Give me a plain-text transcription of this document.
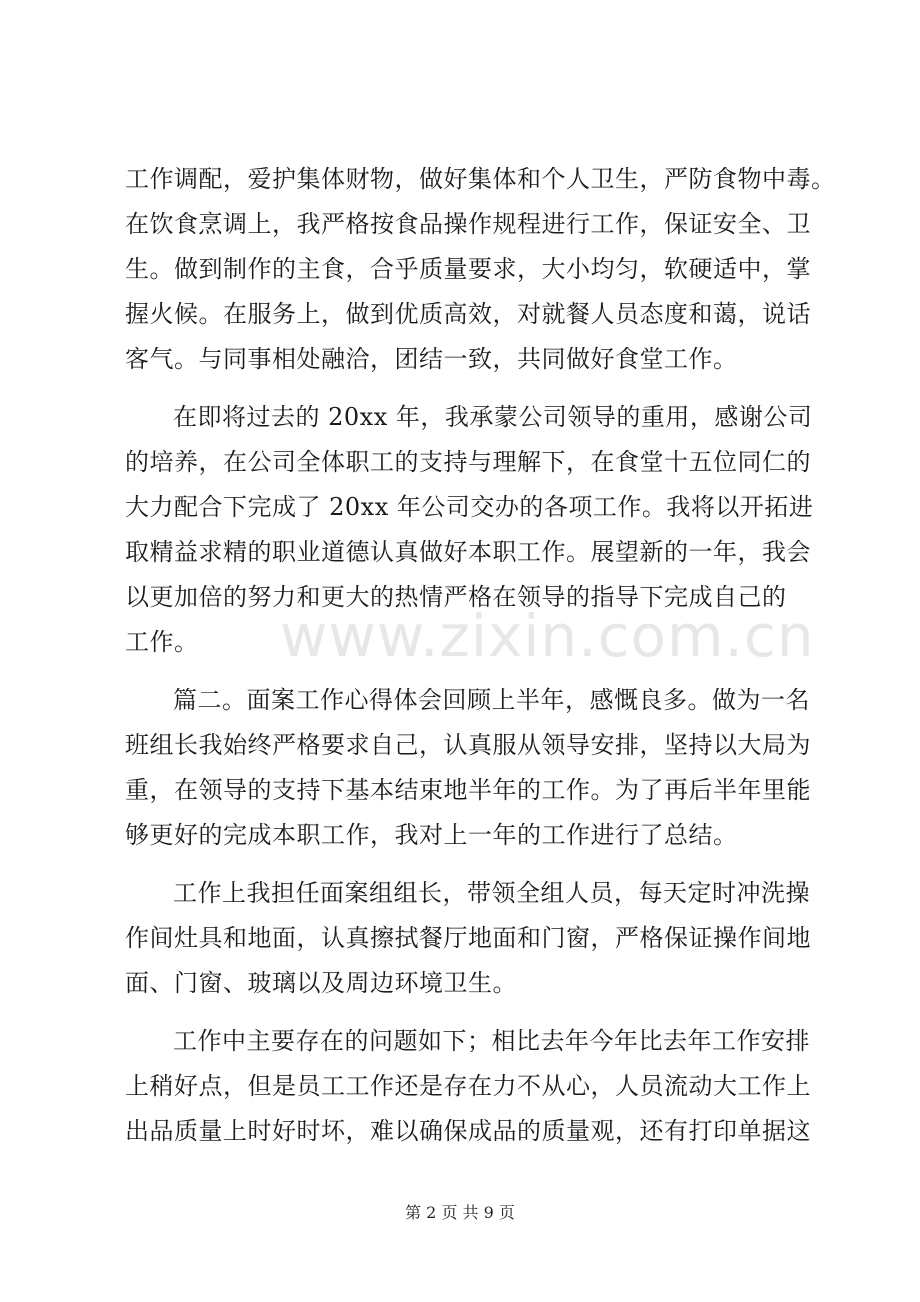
工作调配，爱护集体财物，做好集体和个人卫生，严防食物中毒。
在饮食烹调上，我严格按食品操作规程进行工作，保证安全、卫
生。做到制作的主食，合乎质量要求，大小均匀，软硬适中，掌
握火候。在服务上，做到优质高效，对就餐人员态度和蔼，说话
客气。与同事相处融洽，团结一致，共同做好食堂工作。
在即将过去的 20xx 年，我承蒙公司领导的重用，感谢公司
的培养，在公司全体职工的支持与理解下，在食堂十五位同仁的
大力配合下完成了 20xx 年公司交办的各项工作。我将以开拓进
取精益求精的职业道德认真做好本职工作。展望新的一年，我会
以更加倍的努力和更大的热情严格在领导的指导下完成自己的
工作。
篇二。面案工作心得体会回顾上半年，感慨良多。做为一名
班组长我始终严格要求自己，认真服从领导安排，坚持以大局为
重，在领导的支持下基本结束地半年的工作。为了再后半年里能
够更好的完成本职工作，我对上一年的工作进行了总结。
工作上我担任面案组组长，带领全组人员，每天定时冲洗操
作间灶具和地面，认真擦拭餐厅地面和门窗，严格保证操作间地
面、门窗、玻璃以及周边环境卫生。
工作中主要存在的问题如下；相比去年今年比去年工作安排
上稍好点，但是员工工作还是存在力不从心，人员流动大工作上
出品质量上时好时坏，难以确保成品的质量观，还有打印单据这
www.zixin.com.cn
第 2 页 共 9 页
